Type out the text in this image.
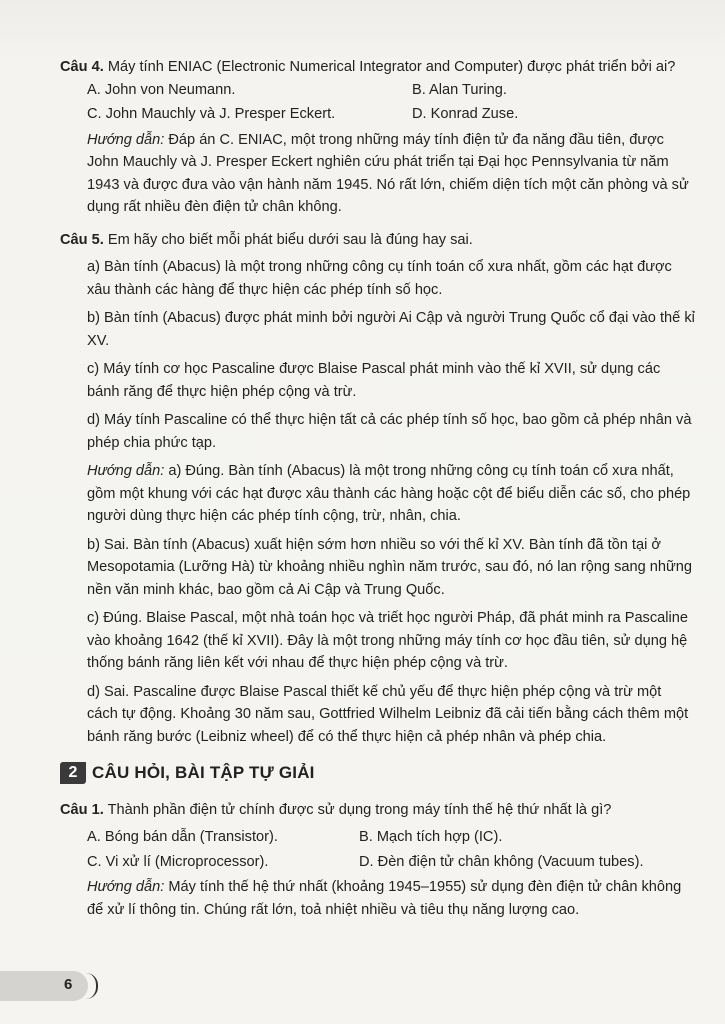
Câu 4. Máy tính ENIAC (Electronic Numerical Integrator and Computer) được phát triển bởi ai?

A. John von Neumann.	B. Alan Turing.
C. John Mauchly và J. Presper Eckert.	D. Konrad Zuse.

Hướng dẫn: Đáp án C. ENIAC, một trong những máy tính điện tử đa năng đầu tiên, được John Mauchly và J. Presper Eckert nghiên cứu phát triển tại Đại học Pennsylvania từ năm 1943 và được đưa vào vận hành năm 1945. Nó rất lớn, chiếm diện tích một căn phòng và sử dụng rất nhiều đèn điện tử chân không.

Câu 5. Em hãy cho biết mỗi phát biểu dưới sau là đúng hay sai.

a) Bàn tính (Abacus) là một trong những công cụ tính toán cổ xưa nhất, gồm các hạt được xâu thành các hàng để thực hiện các phép tính số học.

b) Bàn tính (Abacus) được phát minh bởi người Ai Cập và người Trung Quốc cổ đại vào thế kỉ XV.

c) Máy tính cơ học Pascaline được Blaise Pascal phát minh vào thế kỉ XVII, sử dụng các bánh răng để thực hiện phép cộng và trừ.

d) Máy tính Pascaline có thể thực hiện tất cả các phép tính số học, bao gồm cả phép nhân và phép chia phức tạp.

Hướng dẫn: a) Đúng. Bàn tính (Abacus) là một trong những công cụ tính toán cổ xưa nhất, gồm một khung với các hạt được xâu thành các hàng hoặc cột để biểu diễn các số, cho phép người dùng thực hiện các phép tính cộng, trừ, nhân, chia.

b) Sai. Bàn tính (Abacus) xuất hiện sớm hơn nhiều so với thế kỉ XV. Bàn tính đã tồn tại ở Mesopotamia (Lưỡng Hà) từ khoảng nhiều nghìn năm trước, sau đó, nó lan rộng sang những nền văn minh khác, bao gồm cả Ai Cập và Trung Quốc.

c) Đúng. Blaise Pascal, một nhà toán học và triết học người Pháp, đã phát minh ra Pascaline vào khoảng 1642 (thế kỉ XVII). Đây là một trong những máy tính cơ học đầu tiên, sử dụng hệ thống bánh răng liên kết với nhau để thực hiện phép cộng và trừ.

d) Sai. Pascaline được Blaise Pascal thiết kế chủ yếu để thực hiện phép cộng và trừ một cách tự động. Khoảng 30 năm sau, Gottfried Wilhelm Leibniz đã cải tiến bằng cách thêm một bánh răng bước (Leibniz wheel) để có thể thực hiện cả phép nhân và phép chia.

2 CÂU HỎI, BÀI TẬP TỰ GIẢI

Câu 1. Thành phần điện tử chính được sử dụng trong máy tính thế hệ thứ nhất là gì?

A. Bóng bán dẫn (Transistor).	B. Mạch tích hợp (IC).
C. Vi xử lí (Microprocessor).	D. Đèn điện tử chân không (Vacuum tubes).

Hướng dẫn: Máy tính thế hệ thứ nhất (khoảng 1945–1955) sử dụng đèn điện tử chân không để xử lí thông tin. Chúng rất lớn, toả nhiệt nhiều và tiêu thụ năng lượng cao.

6
